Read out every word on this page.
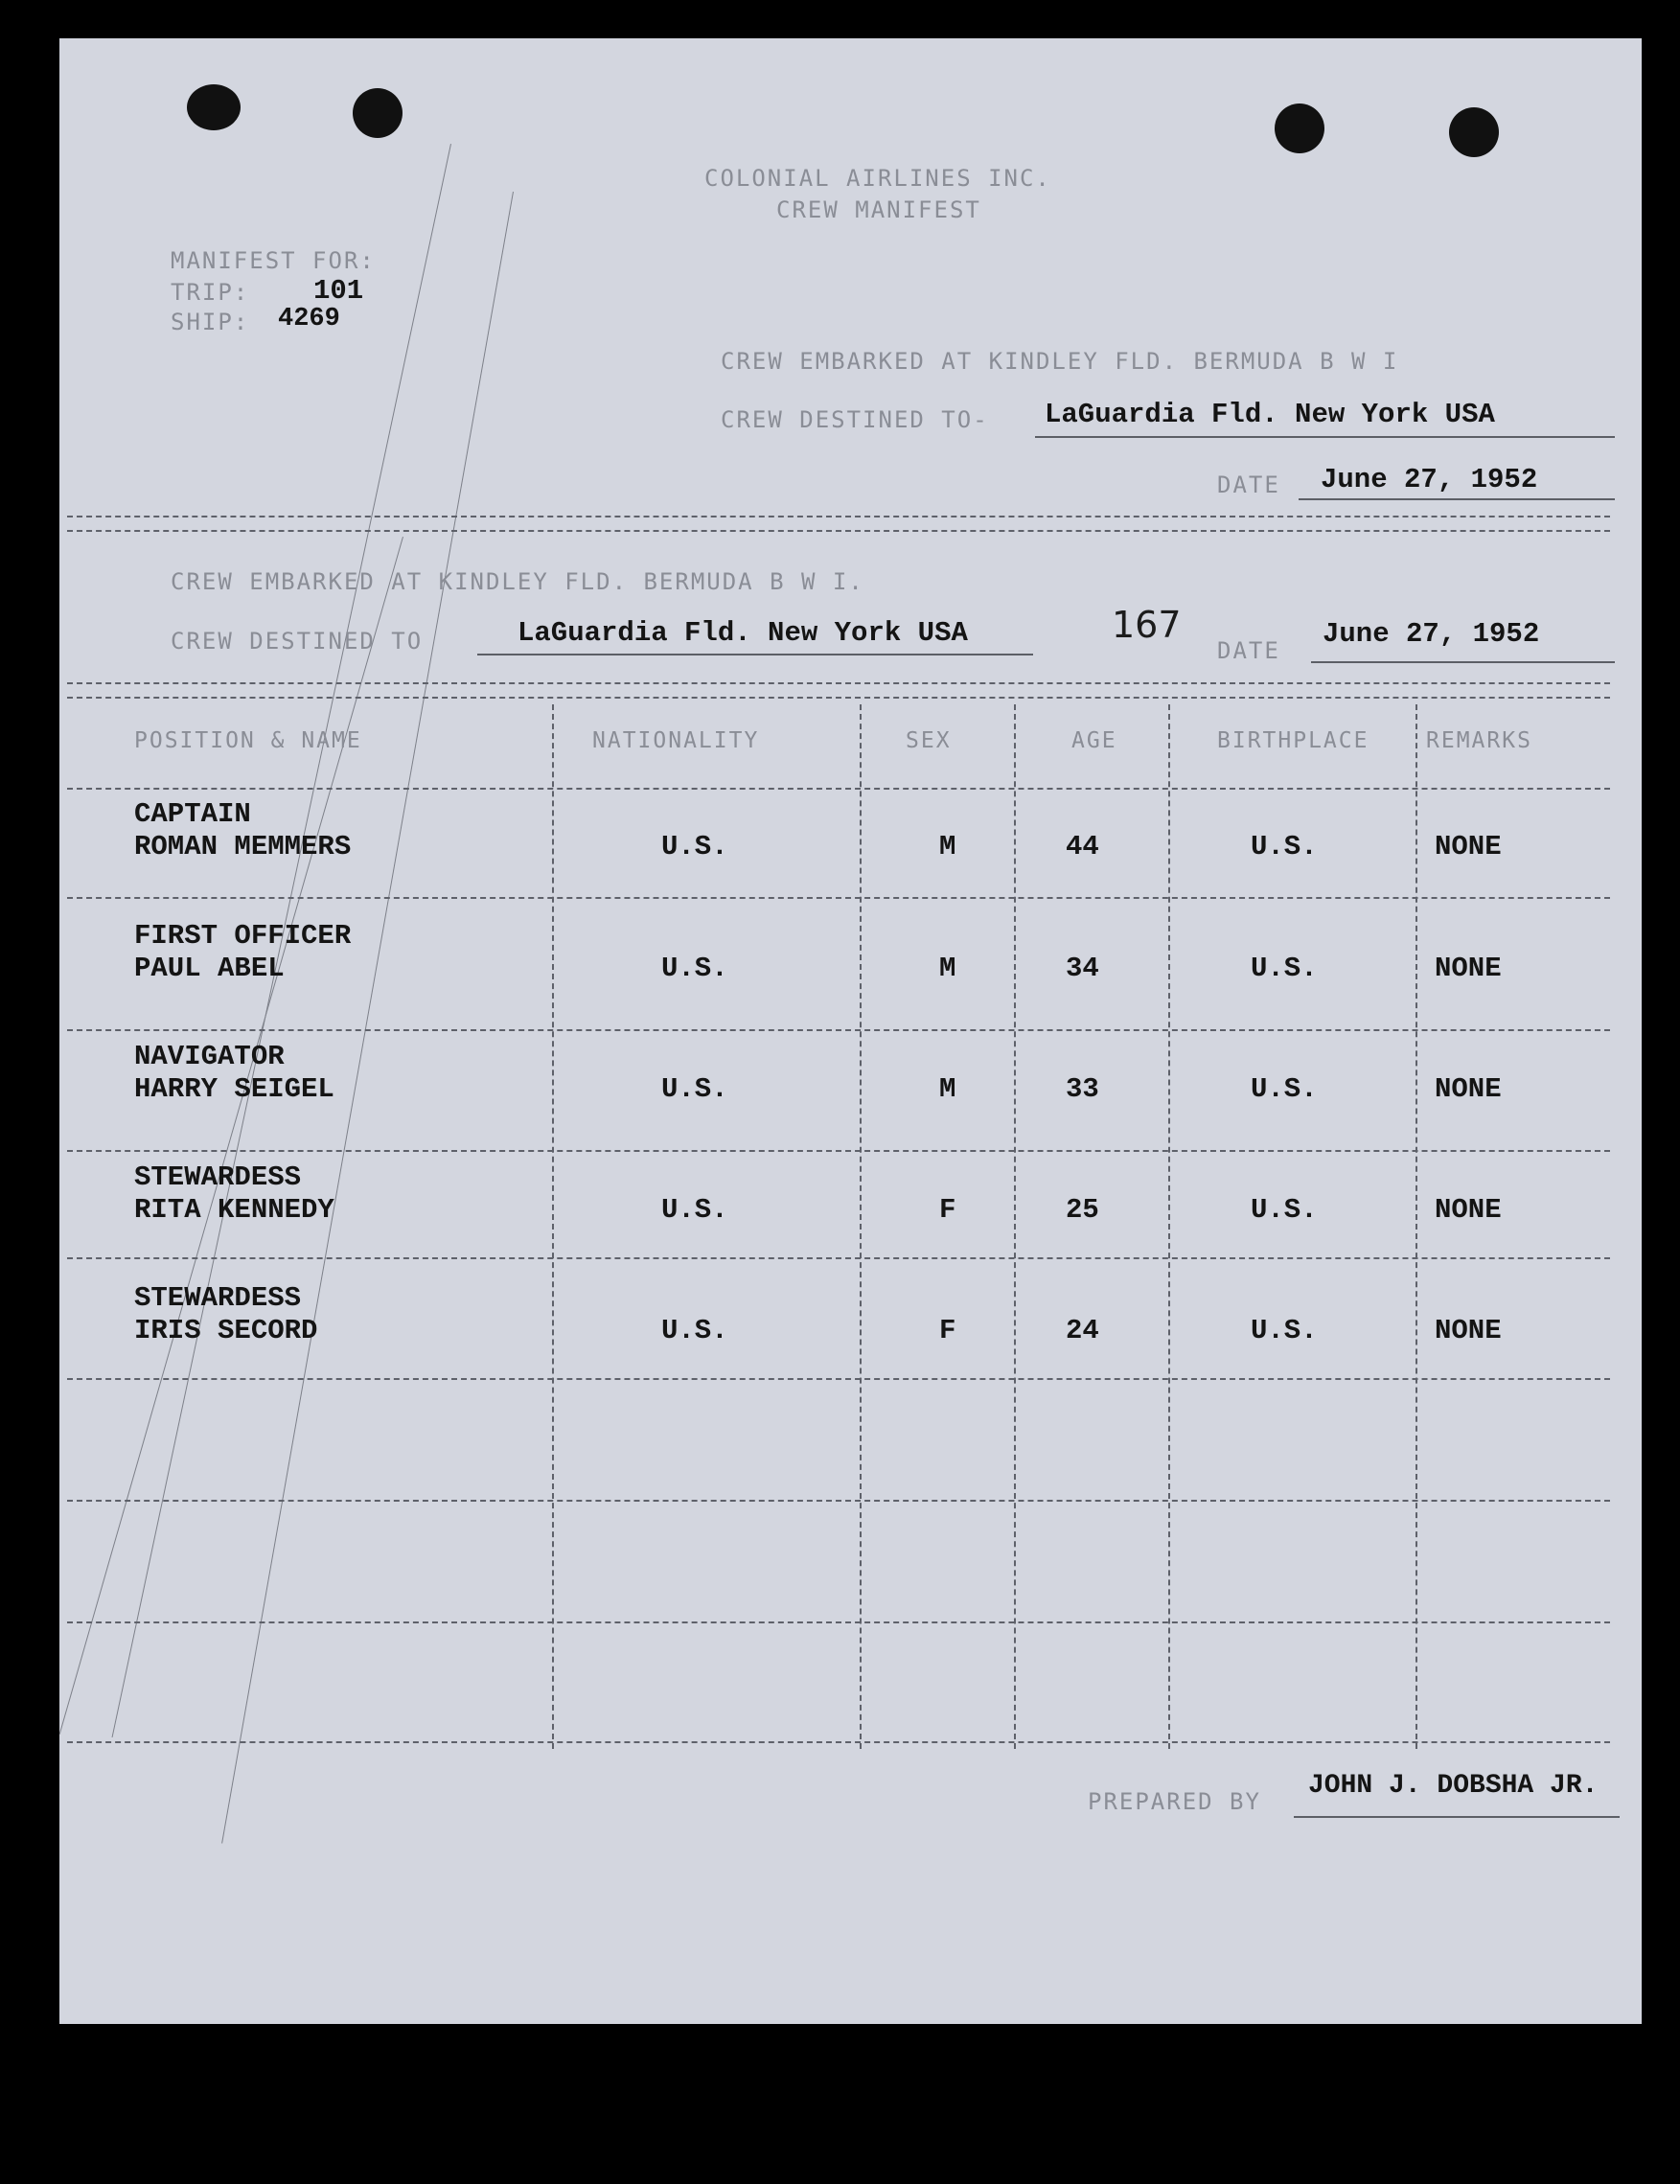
COLONIAL AIRLINES INC.
CREW MANIFEST
MANIFEST FOR:
TRIP: 101
SHIP: 4269
CREW EMBARKED AT KINDLEY FLD. BERMUDA B W I
CREW DESTINED TO- LaGuardia Fld. New York USA
DATE June 27, 1952
CREW EMBARKED AT KINDLEY FLD. BERMUDA B W I.
CREW DESTINED TO	LaGuardia Fld. New York USA	167
DATE
June 27, 1952
POSITION & NAME	NATIONALITY	SEX	AGE	BIRTHPLACE	REMARKS
CAPTAIN
ROMAN MEMMERS	U.S.	M	44	U.S.	NONE
FIRST OFFICER
PAUL ABEL	U.S.	M	34	U.S.	NONE
NAVIGATOR
HARRY SEIGEL	U.S.	M	33	U.S.	NONE
STEWARDESS
RITA KENNEDY	U.S.	F	25	U.S.	NONE
STEWARDESS
IRIS SECORD	U.S.	F	24	U.S.	NONE
PREPARED BY
JOHN J. DOBSHA JR.
